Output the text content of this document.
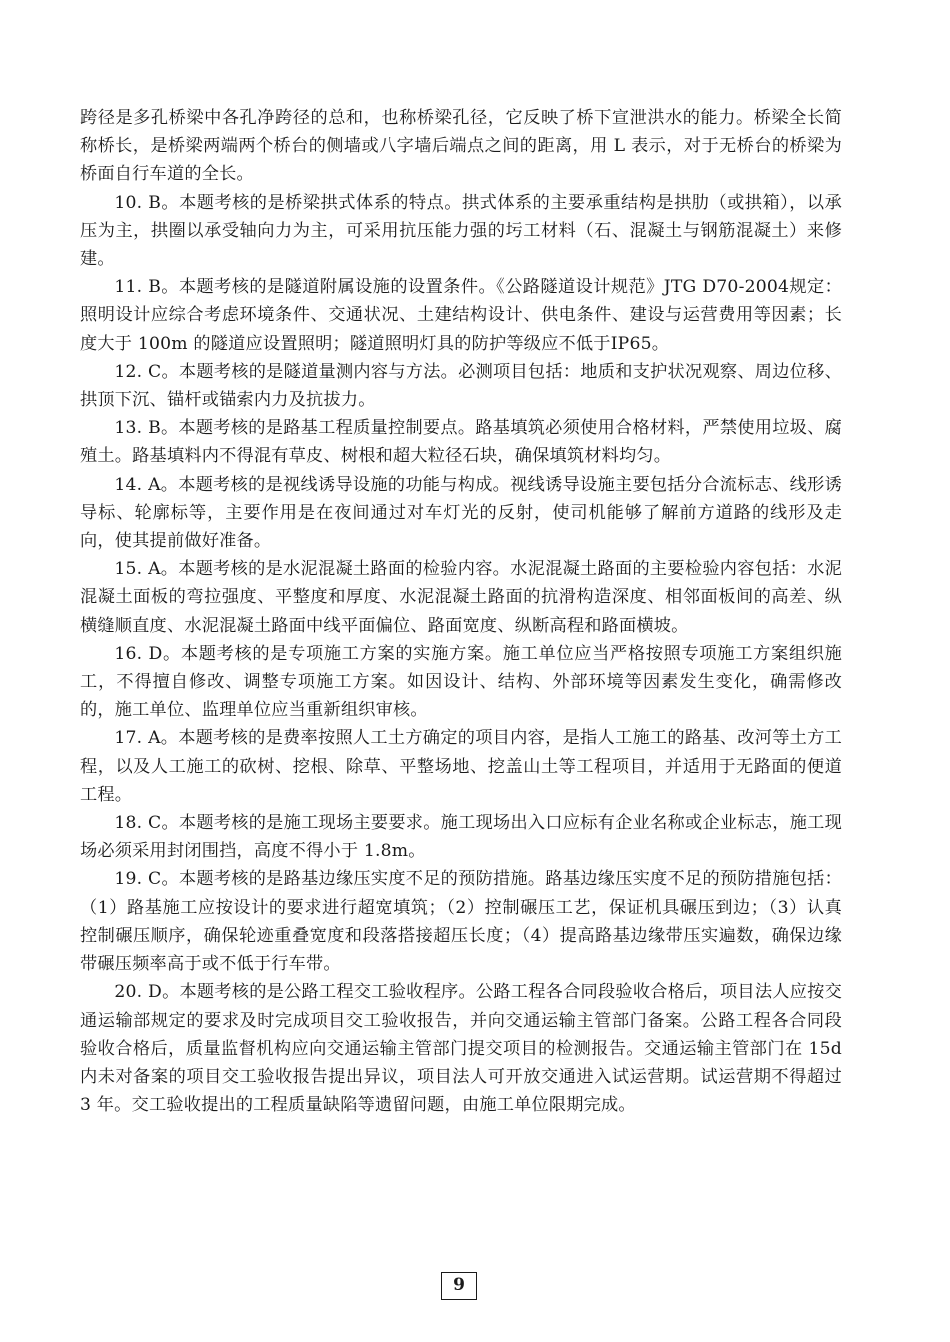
跨径是多孔桥梁中各孔净跨径的总和，也称桥梁孔径，它反映了桥下宣泄洪水的能力。桥梁全长简称桥长，是桥梁两端两个桥台的侧墙或八字墙后端点之间的距离，用 L 表示，对于无桥台的桥梁为桥面自行车道的全长。

10. B。本题考核的是桥梁拱式体系的特点。拱式体系的主要承重结构是拱肋（或拱箱），以承压为主，拱圈以承受轴向力为主，可采用抗压能力强的圬工材料（石、混凝土与钢筋混凝土）来修建。

11. B。本题考核的是隧道附属设施的设置条件。《公路隧道设计规范》JTG D70-2004规定：照明设计应综合考虑环境条件、交通状况、土建结构设计、供电条件、建设与运营费用等因素；长度大于 100m 的隧道应设置照明；隧道照明灯具的防护等级应不低于IP65。

12. C。本题考核的是隧道量测内容与方法。必测项目包括：地质和支护状况观察、周边位移、拱顶下沉、锚杆或锚索内力及抗拔力。

13. B。本题考核的是路基工程质量控制要点。路基填筑必须使用合格材料，严禁使用垃圾、腐殖土。路基填料内不得混有草皮、树根和超大粒径石块，确保填筑材料均匀。

14. A。本题考核的是视线诱导设施的功能与构成。视线诱导设施主要包括分合流标志、线形诱导标、轮廓标等，主要作用是在夜间通过对车灯光的反射，使司机能够了解前方道路的线形及走向，使其提前做好准备。

15. A。本题考核的是水泥混凝土路面的检验内容。水泥混凝土路面的主要检验内容包括：水泥混凝土面板的弯拉强度、平整度和厚度、水泥混凝土路面的抗滑构造深度、相邻面板间的高差、纵横缝顺直度、水泥混凝土路面中线平面偏位、路面宽度、纵断高程和路面横坡。

16. D。本题考核的是专项施工方案的实施方案。施工单位应当严格按照专项施工方案组织施工，不得擅自修改、调整专项施工方案。如因设计、结构、外部环境等因素发生变化，确需修改的，施工单位、监理单位应当重新组织审核。

17. A。本题考核的是费率按照人工土方确定的项目内容，是指人工施工的路基、改河等土方工程，以及人工施工的砍树、挖根、除草、平整场地、挖盖山土等工程项目，并适用于无路面的便道工程。

18. C。本题考核的是施工现场主要要求。施工现场出入口应标有企业名称或企业标志，施工现场必须采用封闭围挡，高度不得小于 1.8m。

19. C。本题考核的是路基边缘压实度不足的预防措施。路基边缘压实度不足的预防措施包括：（1）路基施工应按设计的要求进行超宽填筑；（2）控制碾压工艺，保证机具碾压到边；（3）认真控制碾压顺序，确保轮迹重叠宽度和段落搭接超压长度；（4）提高路基边缘带压实遍数，确保边缘带碾压频率高于或不低于行车带。

20. D。本题考核的是公路工程交工验收程序。公路工程各合同段验收合格后，项目法人应按交通运输部规定的要求及时完成项目交工验收报告，并向交通运输主管部门备案。公路工程各合同段验收合格后，质量监督机构应向交通运输主管部门提交项目的检测报告。交通运输主管部门在 15d 内未对备案的项目交工验收报告提出异议，项目法人可开放交通进入试运营期。试运营期不得超过 3 年。交工验收提出的工程质量缺陷等遗留问题，由施工单位限期完成。

9
